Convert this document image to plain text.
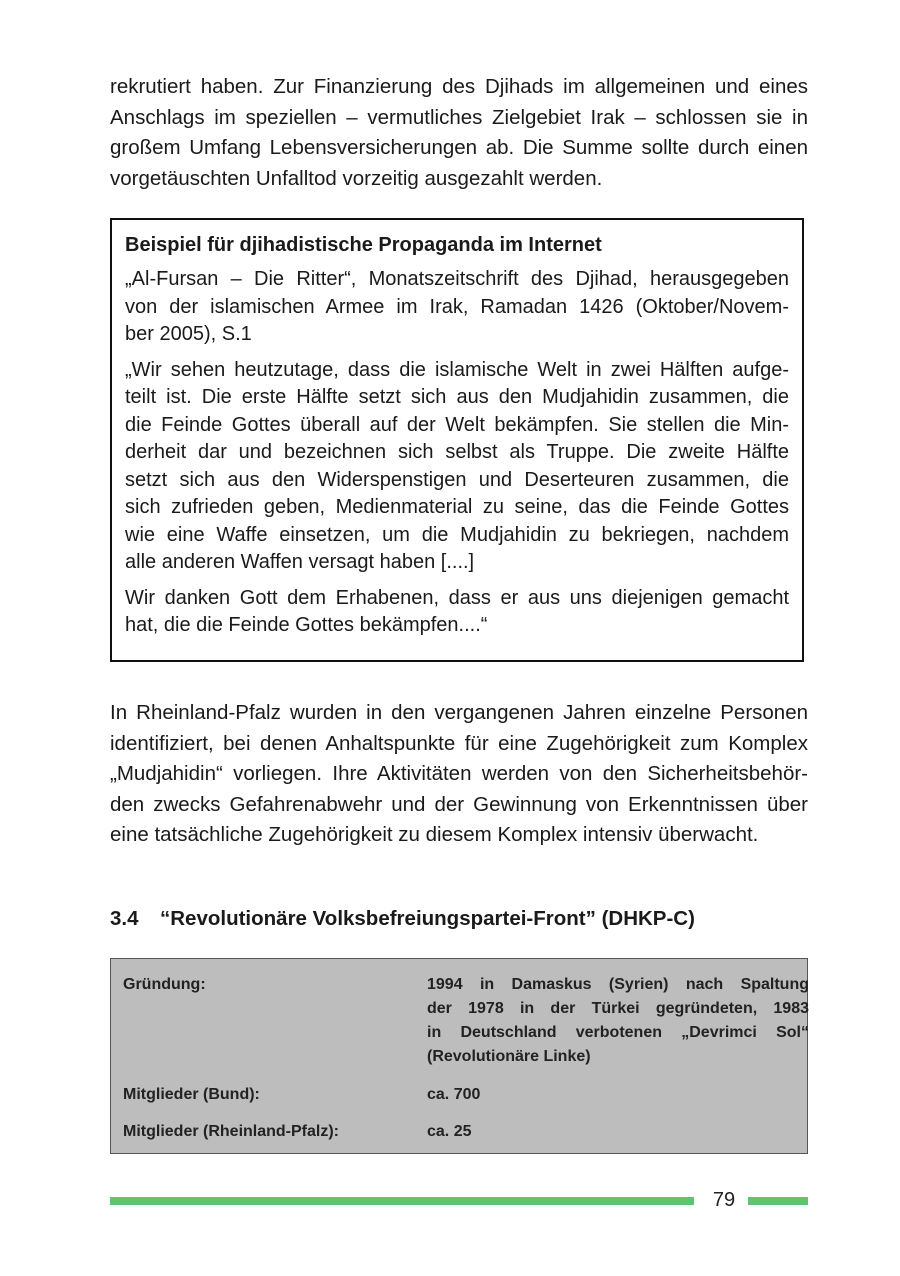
rekrutiert haben. Zur Finanzierung des Djihads im allgemeinen und eines
Anschlags im speziellen – vermutliches Zielgebiet Irak – schlossen sie in
großem Umfang Lebensversicherungen ab. Die Summe sollte durch einen
vorgetäuschten Unfalltod vorzeitig ausgezahlt werden.

Beispiel für djihadistische Propaganda im Internet

„Al-Fursan – Die Ritter“, Monatszeitschrift des Djihad, herausgegeben
von der islamischen Armee im Irak, Ramadan 1426 (Oktober/Novem-
ber 2005), S.1

„Wir sehen heutzutage, dass die islamische Welt in zwei Hälften aufge-
teilt ist. Die erste Hälfte setzt sich aus den Mudjahidin zusammen, die
die Feinde Gottes überall auf der Welt bekämpfen. Sie stellen die Min-
derheit dar und bezeichnen sich selbst als Truppe. Die zweite Hälfte
setzt sich aus den Widerspenstigen und Deserteuren zusammen, die
sich zufrieden geben, Medienmaterial zu seine, das die Feinde Gottes
wie eine Waffe einsetzen, um die Mudjahidin zu bekriegen, nachdem
alle anderen Waffen versagt haben [....]

Wir danken Gott dem Erhabenen, dass er aus uns diejenigen gemacht
hat, die die Feinde Gottes bekämpfen....“

In Rheinland-Pfalz wurden in den vergangenen Jahren einzelne Personen
identifiziert, bei denen Anhaltspunkte für eine Zugehörigkeit zum Komplex
„Mudjahidin“ vorliegen. Ihre Aktivitäten werden von den Sicherheitsbehör-
den zwecks Gefahrenabwehr und der Gewinnung von Erkenntnissen über
eine tatsächliche Zugehörigkeit zu diesem Komplex intensiv überwacht.

3.4 “Revolutionäre Volksbefreiungspartei-Front” (DHKP-C)
Gründung:	1994 in Damaskus (Syrien) nach Spaltung
der 1978 in der Türkei gegründeten, 1983
in Deutschland verbotenen „Devrimci Sol“
(Revolutionäre Linke)
Mitglieder (Bund):	ca. 700
Mitglieder (Rheinland-Pfalz):	ca. 25
79
